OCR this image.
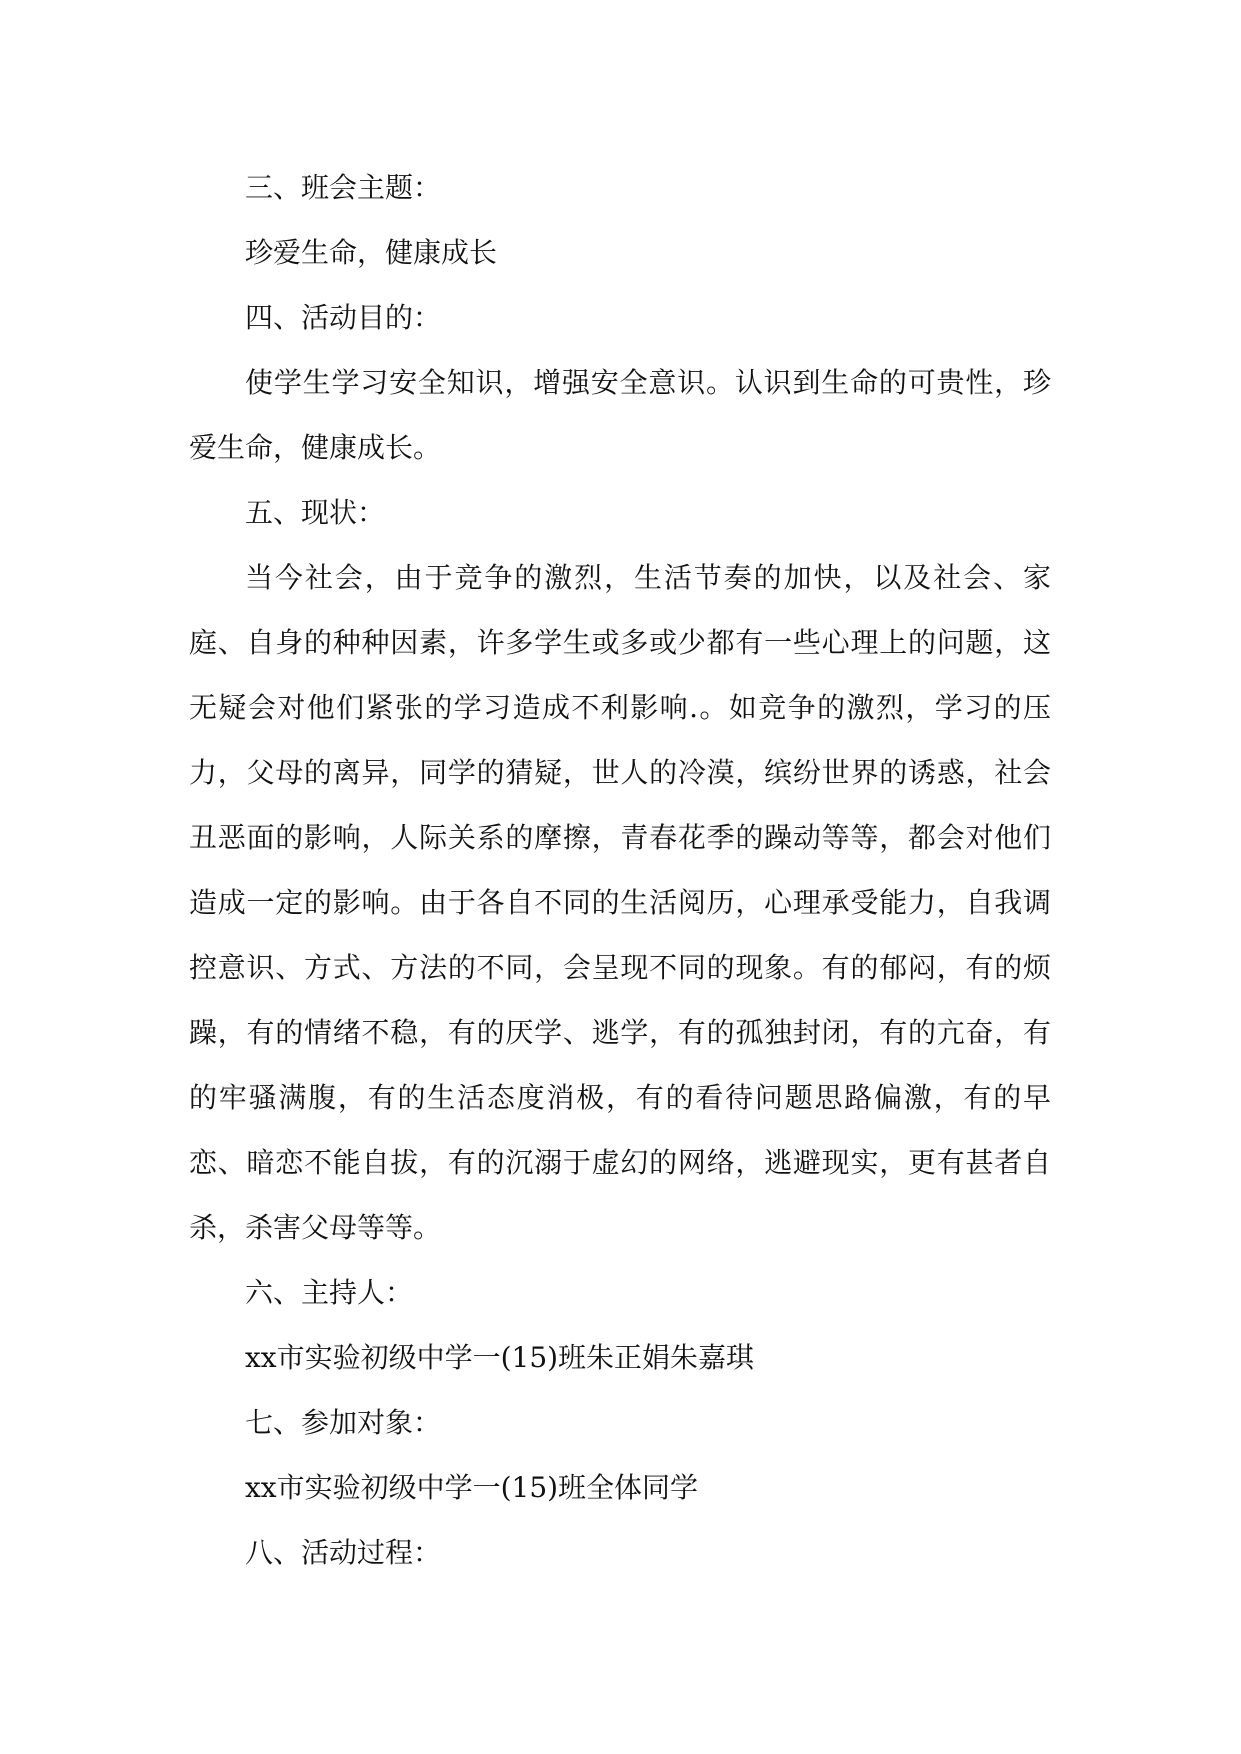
三、班会主题：

珍爱生命，健康成长

四、活动目的：

使学生学习安全知识，增强安全意识。认识到生命的可贵性，珍爱生命，健康成长。

五、现状：

当今社会，由于竞争的激烈，生活节奏的加快，以及社会、家庭、自身的种种因素，许多学生或多或少都有一些心理上的问题，这无疑会对他们紧张的学习造成不利影响.。如竞争的激烈，学习的压力，父母的离异，同学的猜疑，世人的冷漠，缤纷世界的诱惑，社会丑恶面的影响，人际关系的摩擦，青春花季的躁动等等，都会对他们造成一定的影响。由于各自不同的生活阅历，心理承受能力，自我调控意识、方式、方法的不同，会呈现不同的现象。有的郁闷，有的烦躁，有的情绪不稳，有的厌学、逃学，有的孤独封闭，有的亢奋，有的牢骚满腹，有的生活态度消极，有的看待问题思路偏激，有的早恋、暗恋不能自拔，有的沉溺于虚幻的网络，逃避现实，更有甚者自杀，杀害父母等等。

六、主持人：

xx市实验初级中学一(15)班朱正娟朱嘉琪

七、参加对象：

xx市实验初级中学一(15)班全体同学

八、活动过程：
